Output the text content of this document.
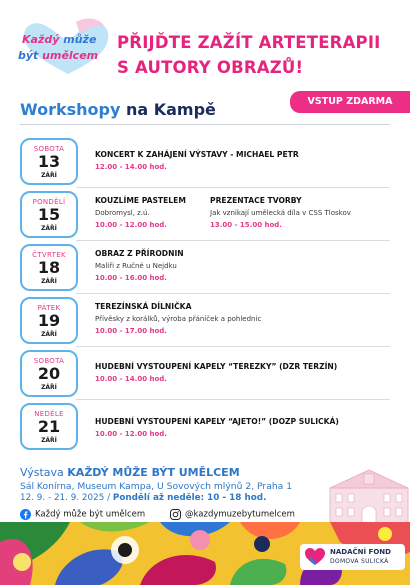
Každý může
být umělcem
PŘIJĎTE ZAŽÍT ARTETERAPII
S AUTORY OBRAZŮ!
VSTUP ZDARMA
Workshopy na Kampě
SOBOTA
13
ZÁŘÍ
KONCERT K ZAHÁJENÍ VÝSTAVY - MICHAEL PETR
12.00 - 14.00 hod.
PONDĚLÍ
15
ZÁŘÍ
KOUZLÍME PASTELEM
Dobromysl, z.ú.
10.00 - 12.00 hod.
PREZENTACE TVORBY
Jak vznikají umělecká díla v CSS Tloskov
13.00 - 15.00 hod.
ČTVRTEK
18
ZÁŘÍ
OBRAZ Z PŘÍRODNIN
Maliři z Ručné u Nejdku
10.00 - 16.00 hod.
PÁTEK
19
ZÁŘÍ
TEREZÍNSKÁ DÍLNIČKA
Přívěsky z korálků, výroba přáníček a pohlednic
10.00 - 17.00 hod.
SOBOTA
20
ZÁŘÍ
HUDEBNÍ VYSTOUPENÍ KAPELY “TEREZKY” (DZR TERZÍN)
10.00 - 14.00 hod.
NEDĚLE
21
ZÁŘÍ
HUDEBNÍ VYSTOUPENÍ KAPELY “AJETO!” (DOZP SULICKÁ)
10.00 - 12.00 hod.
Výstava KAŽDÝ MŮŽE BÝT UMĚLCEM
Sál Konírna, Museum Kampa, U Sovových mlýnů 2, Praha 1
12. 9. - 21. 9. 2025 / Pondělí až neděle: 10 - 18 hod.
Každý může být umělcem	@kazdymuzebytumelcem
NADAČNÍ FOND
DOMOVA SULICKÁ
